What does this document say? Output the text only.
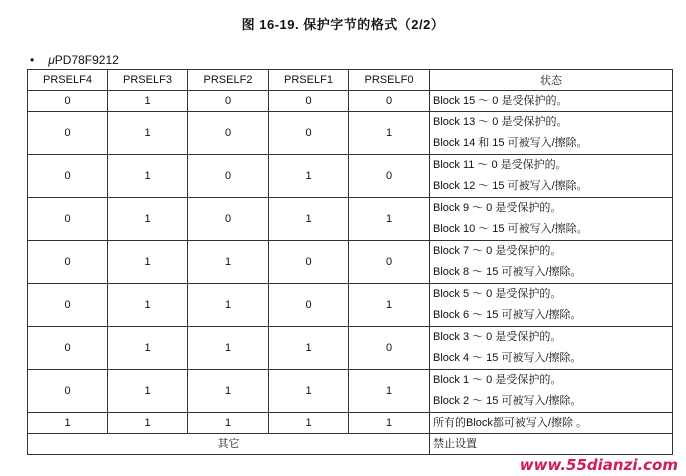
图 16-19. 保护字节的格式（2/2）
• μPD78F9212
PRSELF4	PRSELF3	PRSELF2	PRSELF1	PRSELF0	状态
0	1	0	0	0	Block 15 ～ 0 是受保护的。

0	1	0	0	1	Block 13 ～ 0 是受保护的。
Block 14 和 15 可被写入/擦除。

0	1	0	1	0	Block 11 ～ 0 是受保护的。
Block 12 ～ 15 可被写入/擦除。

0	1	0	1	1	Block 9 ～ 0 是受保护的。
Block 10 ～ 15 可被写入/擦除。

0	1	1	0	0	Block 7 ～ 0 是受保护的。
Block 8 ～ 15 可被写入/擦除。

0	1	1	0	1	Block 5 ～ 0 是受保护的。
Block 6 ～ 15 可被写入/擦除。

0	1	1	1	0	Block 3 ～ 0 是受保护的。
Block 4 ～ 15 可被写入/擦除。

0	1	1	1	1	Block 1 ～ 0 是受保护的。
Block 2 ～ 15 可被写入/擦除。

1	1	1	1	1	所有的Block都可被写入/擦除 。

其它					禁止设置
www.55dianzi.com
